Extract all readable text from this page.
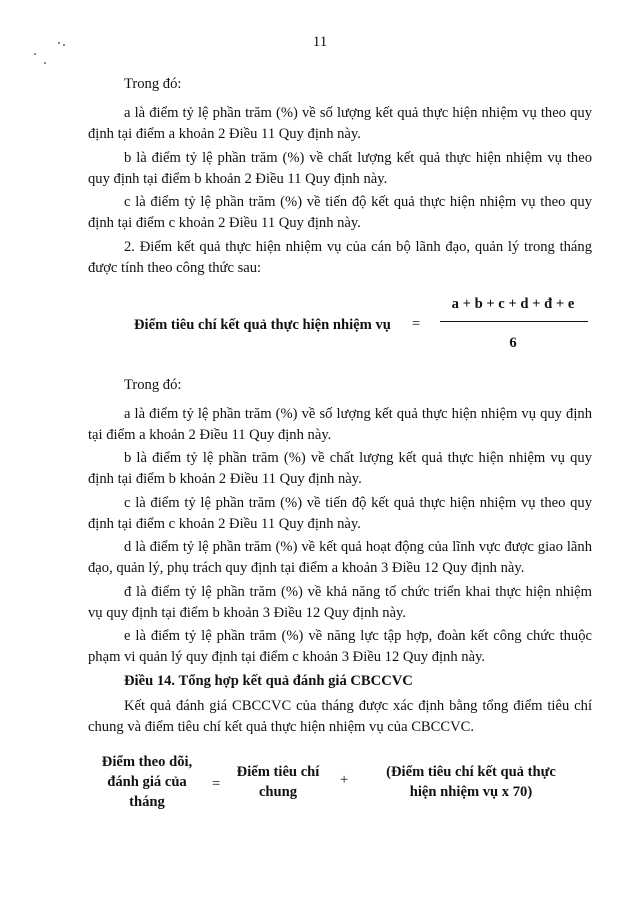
11

Trong đó:

a là điểm tỷ lệ phần trăm (%) về số lượng kết quả thực hiện nhiệm vụ theo quy định tại điểm a khoản 2 Điều 11 Quy định này.

b là điểm tỷ lệ phần trăm (%) về chất lượng kết quả thực hiện nhiệm vụ theo quy định tại điểm b khoản 2 Điều 11 Quy định này.

c là điểm tỷ lệ phần trăm (%) về tiến độ kết quả thực hiện nhiệm vụ theo quy định tại điểm c khoản 2 Điều 11 Quy định này.

2. Điểm kết quả thực hiện nhiệm vụ của cán bộ lãnh đạo, quản lý trong tháng được tính theo công thức sau:

Điểm tiêu chí kết quả thực hiện nhiệm vụ =
a + b + c + d + đ + e
6

Trong đó:

a là điểm tỷ lệ phần trăm (%) về số lượng kết quả thực hiện nhiệm vụ quy định tại điểm a khoản 2 Điều 11 Quy định này.

b là điểm tỷ lệ phần trăm (%) về chất lượng kết quả thực hiện nhiệm vụ quy định tại điểm b khoản 2 Điều 11 Quy định này.

c là điểm tỷ lệ phần trăm (%) về tiến độ kết quả thực hiện nhiệm vụ theo quy định tại điểm c khoản 2 Điều 11 Quy định này.

d là điểm tỷ lệ phần trăm (%) về kết quả hoạt động của lĩnh vực được giao lãnh đạo, quản lý, phụ trách quy định tại điểm a khoản 3 Điều 12 Quy định này.

đ là điểm tỷ lệ phần trăm (%) về khả năng tổ chức triển khai thực hiện nhiệm vụ quy định tại điểm b khoản 3 Điều 12 Quy định này.

e là điểm tỷ lệ phần trăm (%) về năng lực tập hợp, đoàn kết công chức thuộc phạm vi quản lý quy định tại điểm c khoản 3 Điều 12 Quy định này.

Điều 14. Tổng hợp kết quả đánh giá CBCCVC

Kết quả đánh giá CBCCVC của tháng được xác định bằng tổng điểm tiêu chí chung và điểm tiêu chí kết quả thực hiện nhiệm vụ của CBCCVC.

Điểm theo dõi,
đánh giá của
tháng
=
Điểm tiêu chí
chung
+	(Điểm tiêu chí kết quả thực
hiện nhiệm vụ x 70)
